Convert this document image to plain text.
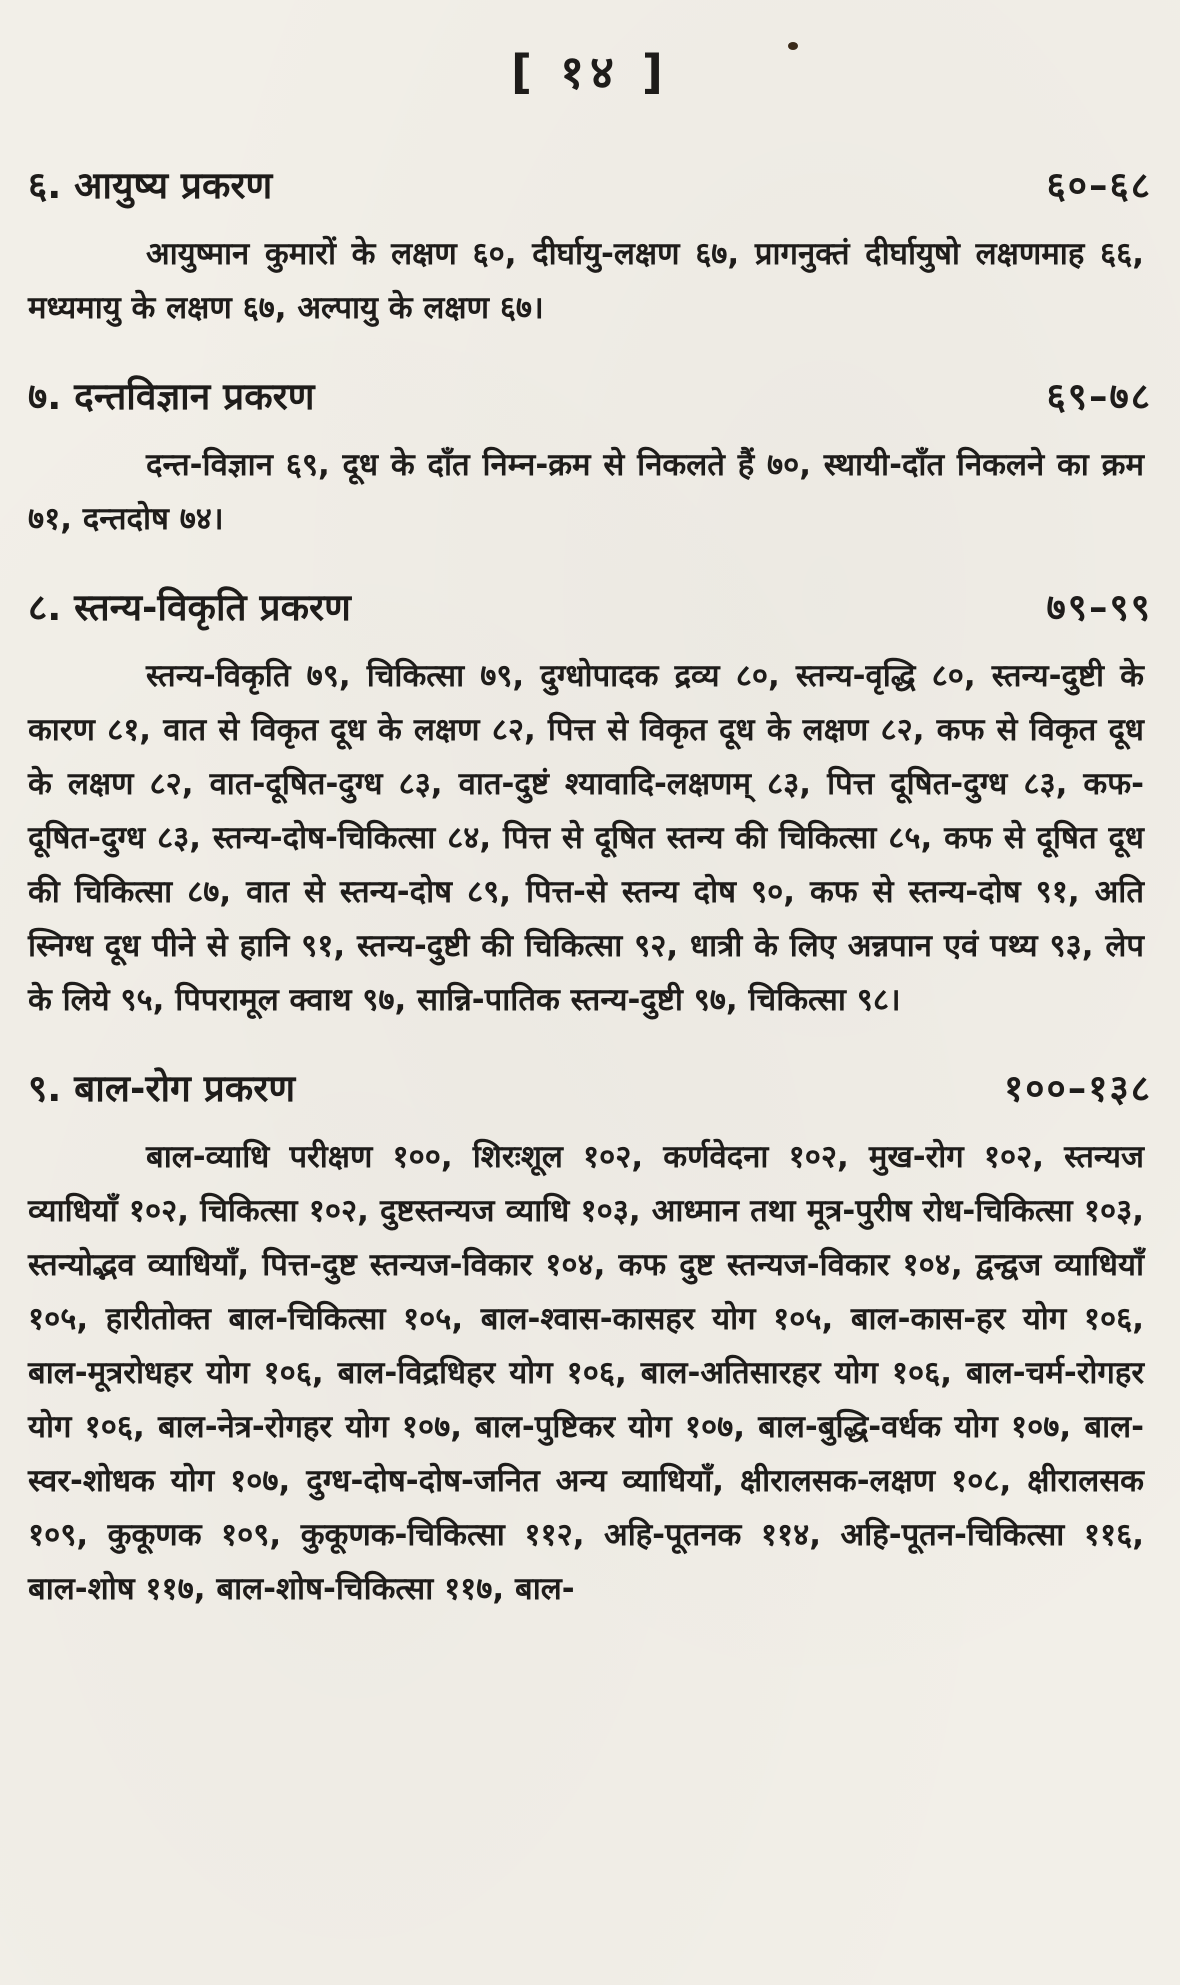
[ १४ ]
६. आयुष्य प्रकरण	६०–६८

आयुष्मान कुमारों के लक्षण ६०, दीर्घायु-लक्षण ६७, प्रागनुक्तं दीर्घायुषो लक्षणमाह ६६, मध्यमायु के लक्षण ६७, अल्पायु के लक्षण ६७।

७. दन्तविज्ञान प्रकरण	६९–७८

दन्त-विज्ञान ६९, दूध के दाँत निम्न-क्रम से निकलते हैं ७०, स्थायी-दाँत निकलने का क्रम ७१, दन्तदोष ७४।

८. स्तन्य-विकृति प्रकरण	७९–९९

स्तन्य-विकृति ७९, चिकित्सा ७९, दुग्धोपादक द्रव्य ८०, स्तन्य-वृद्धि ८०, स्तन्य-दुष्टी के कारण ८१, वात से विकृत दूध के लक्षण ८२, पित्त से विकृत दूध के लक्षण ८२, कफ से विकृत दूध के लक्षण ८२, वात-दूषित-दुग्ध ८३, वात-दुष्टं श्यावादि-लक्षणम् ८३, पित्त दूषित-दुग्ध ८३, कफ-दूषित-दुग्ध ८३, स्तन्य-दोष-चिकित्सा ८४, पित्त से दूषित स्तन्य की चिकित्सा ८५, कफ से दूषित दूध की चिकित्सा ८७, वात से स्तन्य-दोष ८९, पित्त-से स्तन्य दोष ९०, कफ से स्तन्य-दोष ९१, अति स्निग्ध दूध पीने से हानि ९१, स्तन्य-दुष्टी की चिकित्सा ९२, धात्री के लिए अन्नपान एवं पथ्य ९३, लेप के लिये ९५, पिपरामूल क्वाथ ९७, सान्नि-पातिक स्तन्य-दुष्टी ९७, चिकित्सा ९८।

९. बाल-रोग प्रकरण	१००–१३८

बाल-व्याधि परीक्षण १००, शिरःशूल १०२, कर्णवेदना १०२, मुख-रोग १०२, स्तन्यज व्याधियाँ १०२, चिकित्सा १०२, दुष्टस्तन्यज व्याधि १०३, आध्मान तथा मूत्र-पुरीष रोध-चिकित्सा १०३, स्तन्योद्भव व्याधियाँ, पित्त-दुष्ट स्तन्यज-विकार १०४, कफ दुष्ट स्तन्यज-विकार १०४, द्वन्द्वज व्याधियाँ १०५, हारीतोक्त बाल-चिकित्सा १०५, बाल-श्वास-कासहर योग १०५, बाल-कास-हर योग १०६, बाल-मूत्ररोधहर योग १०६, बाल-विद्रधिहर योग १०६, बाल-अतिसारहर योग १०६, बाल-चर्म-रोगहर योग १०६, बाल-नेत्र-रोगहर योग १०७, बाल-पुष्टिकर योग १०७, बाल-बुद्धि-वर्धक योग १०७, बाल-स्वर-शोधक योग १०७, दुग्ध-दोष-दोष-जनित अन्य व्याधियाँ, क्षीरालसक-लक्षण १०८, क्षीरालसक १०९, कुकूणक १०९, कुकूणक-चिकित्सा ११२, अहि-पूतनक ११४, अहि-पूतन-चिकित्सा ११६, बाल-शोष ११७, बाल-शोष-चिकित्सा ११७, बाल-
